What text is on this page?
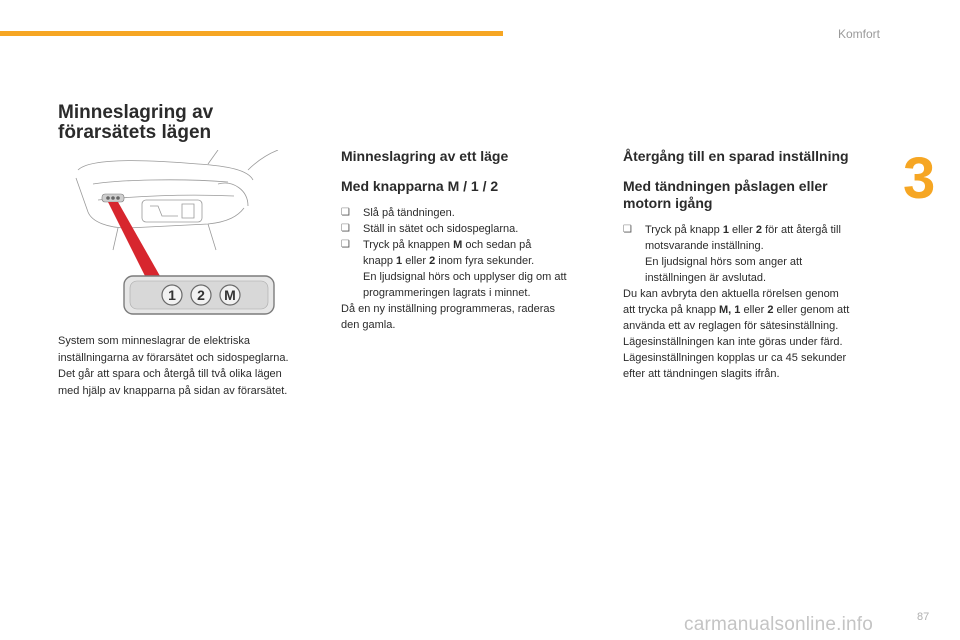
Komfort
3
Minneslagring av
förarsätets lägen
1 2 M

System som minneslagrar de elektriska
inställningarna av förarsätet och sidospeglarna.
Det går att spara och återgå till två olika lägen
med hjälp av knapparna på sidan av förarsätet.

Minneslagring av ett läge
Med knapparna M / 1 / 2
❏ Slå på tändningen.
❏ Ställ in sätet och sidospeglarna.
❏ Tryck på knappen M och sedan på
knapp 1 eller 2 inom fyra sekunder.
En ljudsignal hörs och upplyser dig om att
programmeringen lagrats i minnet.

Då en ny inställning programmeras, raderas
den gamla.

Återgång till en sparad inställning
Med tändningen påslagen eller
motorn igång
❏ Tryck på knapp 1 eller 2 för att återgå till
motsvarande inställning.
En ljudsignal hörs som anger att
inställningen är avslutad.

Du kan avbryta den aktuella rörelsen genom
att trycka på knapp M, 1 eller 2 eller genom att
använda ett av reglagen för sätesinställning.
Lägesinställningen kan inte göras under färd.
Lägesinställningen kopplas ur ca 45 sekunder
efter att tändningen slagits ifrån.

carmanualsonline.info	87
